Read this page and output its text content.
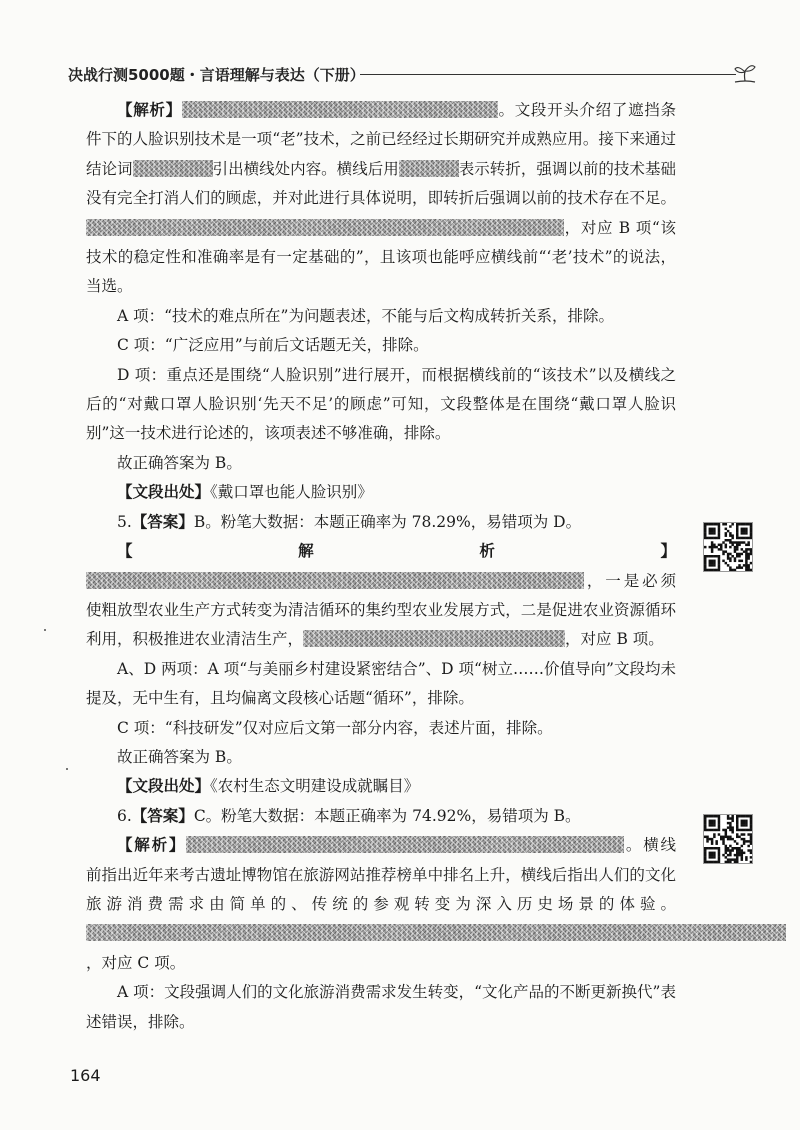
决战行测5000题・言语理解与表达（下册）

【解析】	。文段开头介绍了遮挡条件下的人脸识别技术是一项“老”技术，之前已经经过长期研究并成熟应用。接下来通过结论词	引出横线处内容。横线后用	表示转折，强调以前的技术基础没有完全打消人们的顾虑，并对此进行具体说明，即转折后强调以前的技术存在不足。，对应 B 项“该技术的稳定性和准确率是有一定基础的”，且该项也能呼应横线前“‘老’技术”的说法，当选。

A 项：“技术的难点所在”为问题表述，不能与后文构成转折关系，排除。

C 项：“广泛应用”与前后文话题无关，排除。

D 项：重点还是围绕“人脸识别”进行展开，而根据横线前的“该技术”以及横线之后的“对戴口罩人脸识别‘先天不足’的顾虑”可知，文段整体是在围绕“戴口罩人脸识别”这一技术进行论述的，该项表述不够准确，排除。

故正确答案为 B。

【文段出处】《戴口罩也能人脸识别》

5.【答案】B。粉笔大数据：本题正确率为 78.29%，易错项为 D。

【解析】，一是必须使粗放型农业生产方式转变为清洁循环的集约型农业发展方式，二是促进农业资源循环利用，积极推进农业清洁生产，	，对应 B 项。

A、D 两项：A 项“与美丽乡村建设紧密结合”、D 项“树立……价值导向”文段均未提及，无中生有，且均偏离文段核心话题“循环”，排除。

C 项：“科技研发”仅对应后文第一部分内容，表述片面，排除。

故正确答案为 B。

【文段出处】《农村生态文明建设成就瞩目》

6.【答案】C。粉笔大数据：本题正确率为 74.92%，易错项为 B。

【解析】	。横线前指出近年来考古遗址博物馆在旅游网站推荐榜单中排名上升，横线后指出人们的文化旅游消费需求由简单的、传统的参观转变为深入历史场景的体验。，对应 C 项。

A 项：文段强调人们的文化旅游消费需求发生转变，“文化产品的不断更新换代”表述错误，排除。

164
